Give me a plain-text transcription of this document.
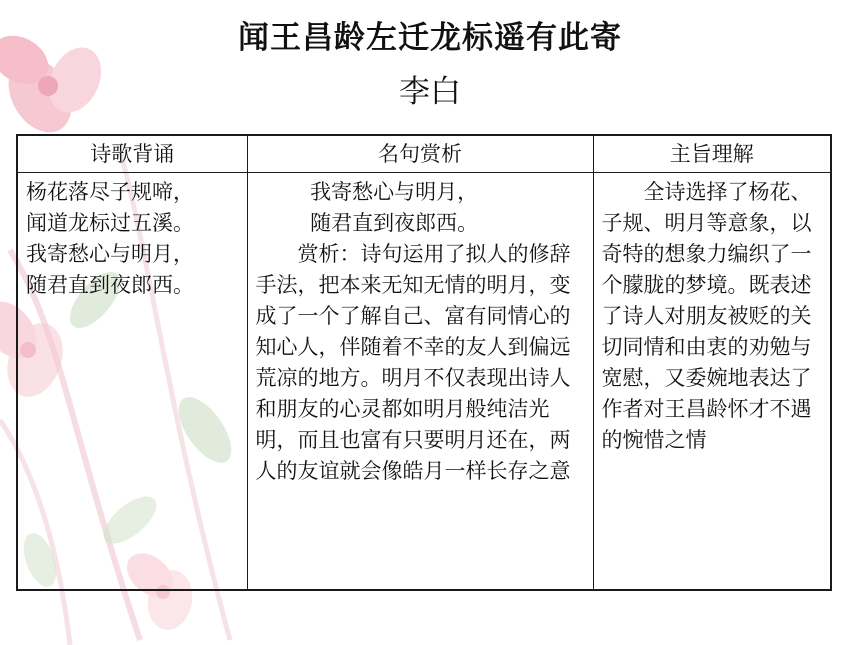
闻王昌龄左迁龙标遥有此寄
李白
诗歌背诵	名句赏析	主旨理解

杨花落尽子规啼，
闻道龙标过五溪。
我寄愁心与明月，
随君直到夜郎西。	我寄愁心与明月，
随君直到夜郎西。
赏析：诗句运用了拟人的修辞手法，把本来无知无情的明月，变成了一个了解自己、富有同情心的知心人，伴随着不幸的友人到偏远荒凉的地方。明月不仅表现出诗人和朋友的心灵都如明月般纯洁光明，而且也富有只要明月还在，两人的友谊就会像皓月一样长存之意	全诗选择了杨花、子规、明月等意象，以奇特的想象力编织了一个朦胧的梦境。既表述了诗人对朋友被贬的关切同情和由衷的劝勉与宽慰，又委婉地表达了作者对王昌龄怀才不遇的惋惜之情
